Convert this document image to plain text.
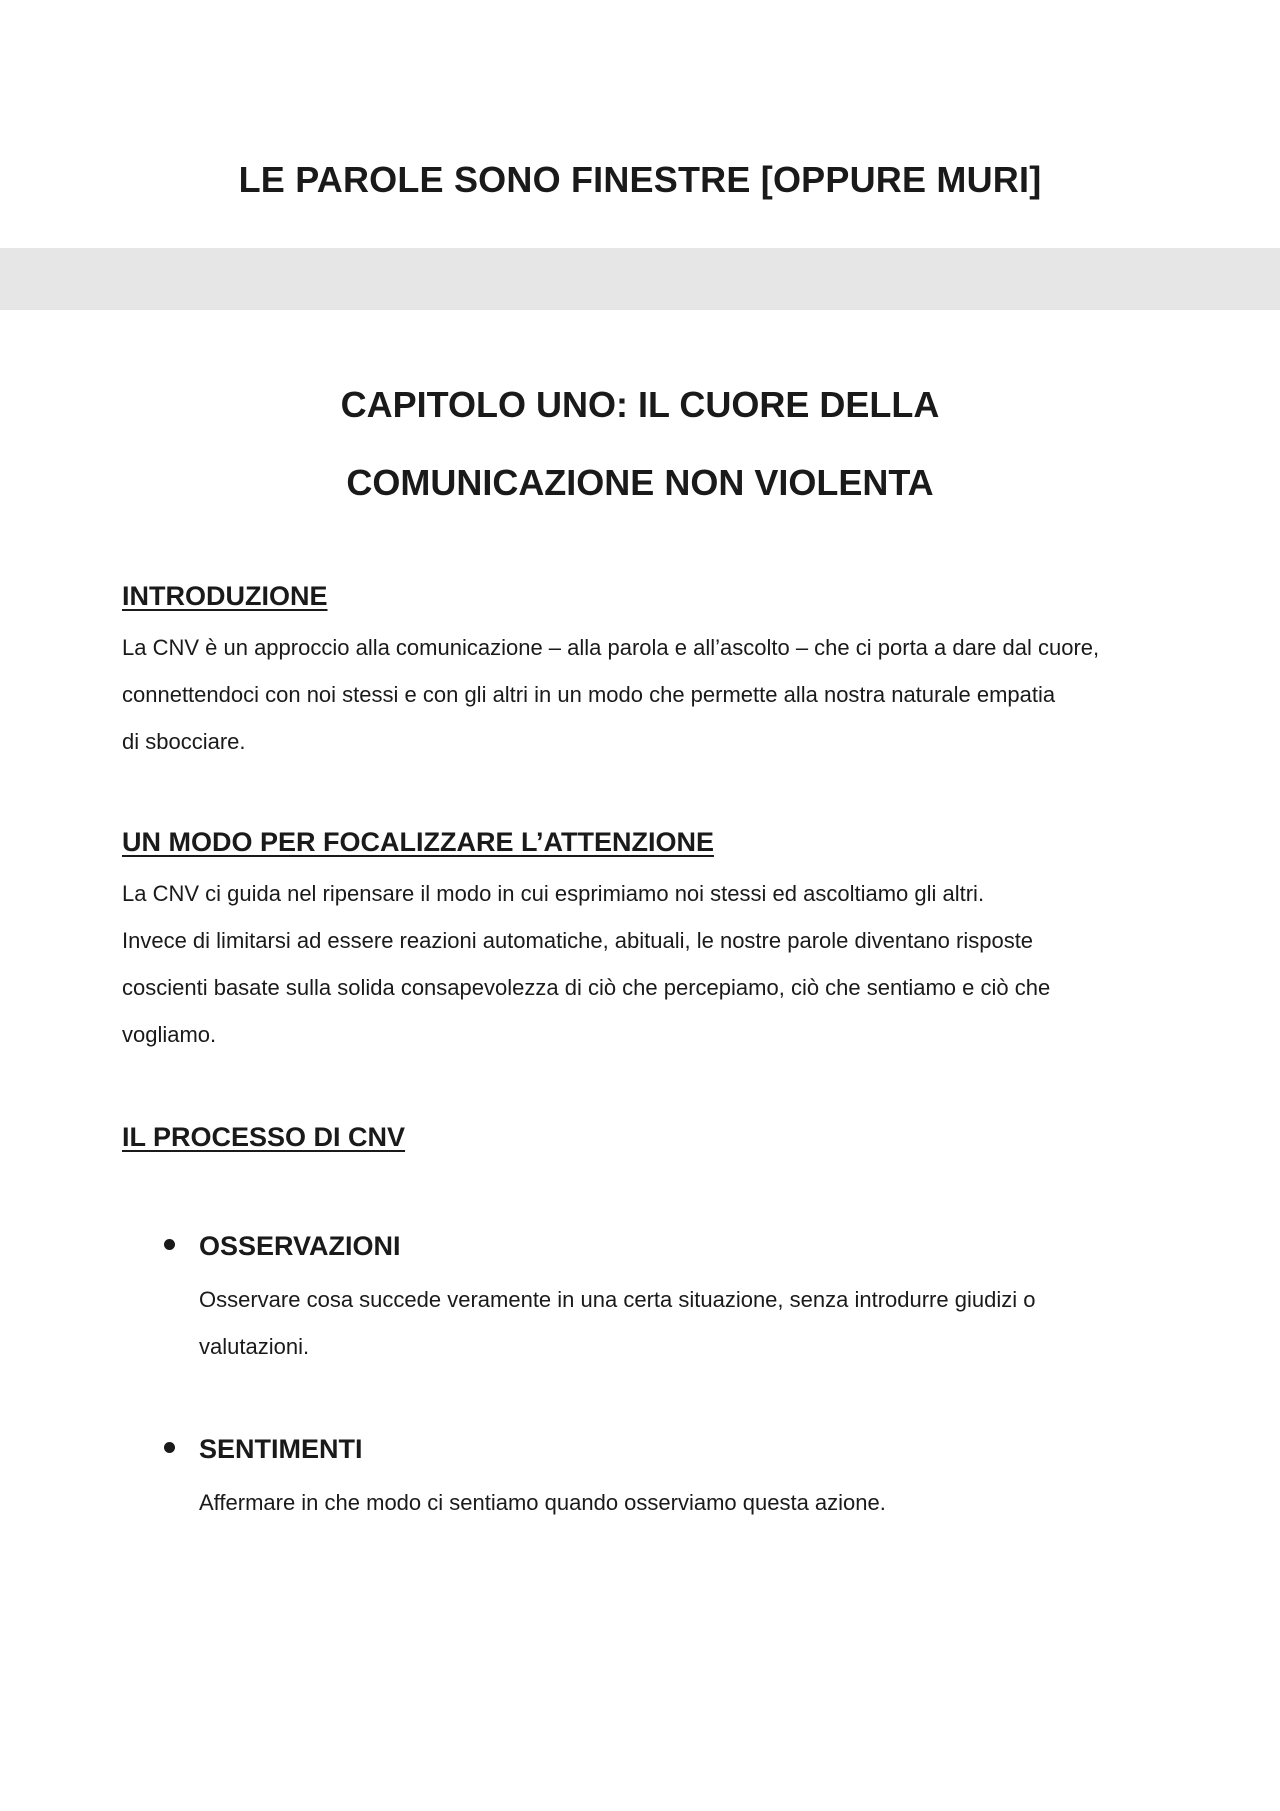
LE PAROLE SONO FINESTRE [OPPURE MURI]
CAPITOLO UNO: IL CUORE DELLA
COMUNICAZIONE NON VIOLENTA
INTRODUZIONE

La CNV è un approccio alla comunicazione – alla parola e all’ascolto – che ci porta a dare dal cuore,

connettendoci con noi stessi e con gli altri in un modo che permette alla nostra naturale empatia

di sbocciare.

UN MODO PER FOCALIZZARE L’ATTENZIONE

La CNV ci guida nel ripensare il modo in cui esprimiamo noi stessi ed ascoltiamo gli altri.

Invece di limitarsi ad essere reazioni automatiche, abituali, le nostre parole diventano risposte

coscienti basate sulla solida consapevolezza di ciò che percepiamo, ciò che sentiamo e ciò che

vogliamo.

IL PROCESSO DI CNV
OSSERVAZIONI

Osservare cosa succede veramente in una certa situazione, senza introdurre giudizi o

valutazioni.

SENTIMENTI

Affermare in che modo ci sentiamo quando osserviamo questa azione.
